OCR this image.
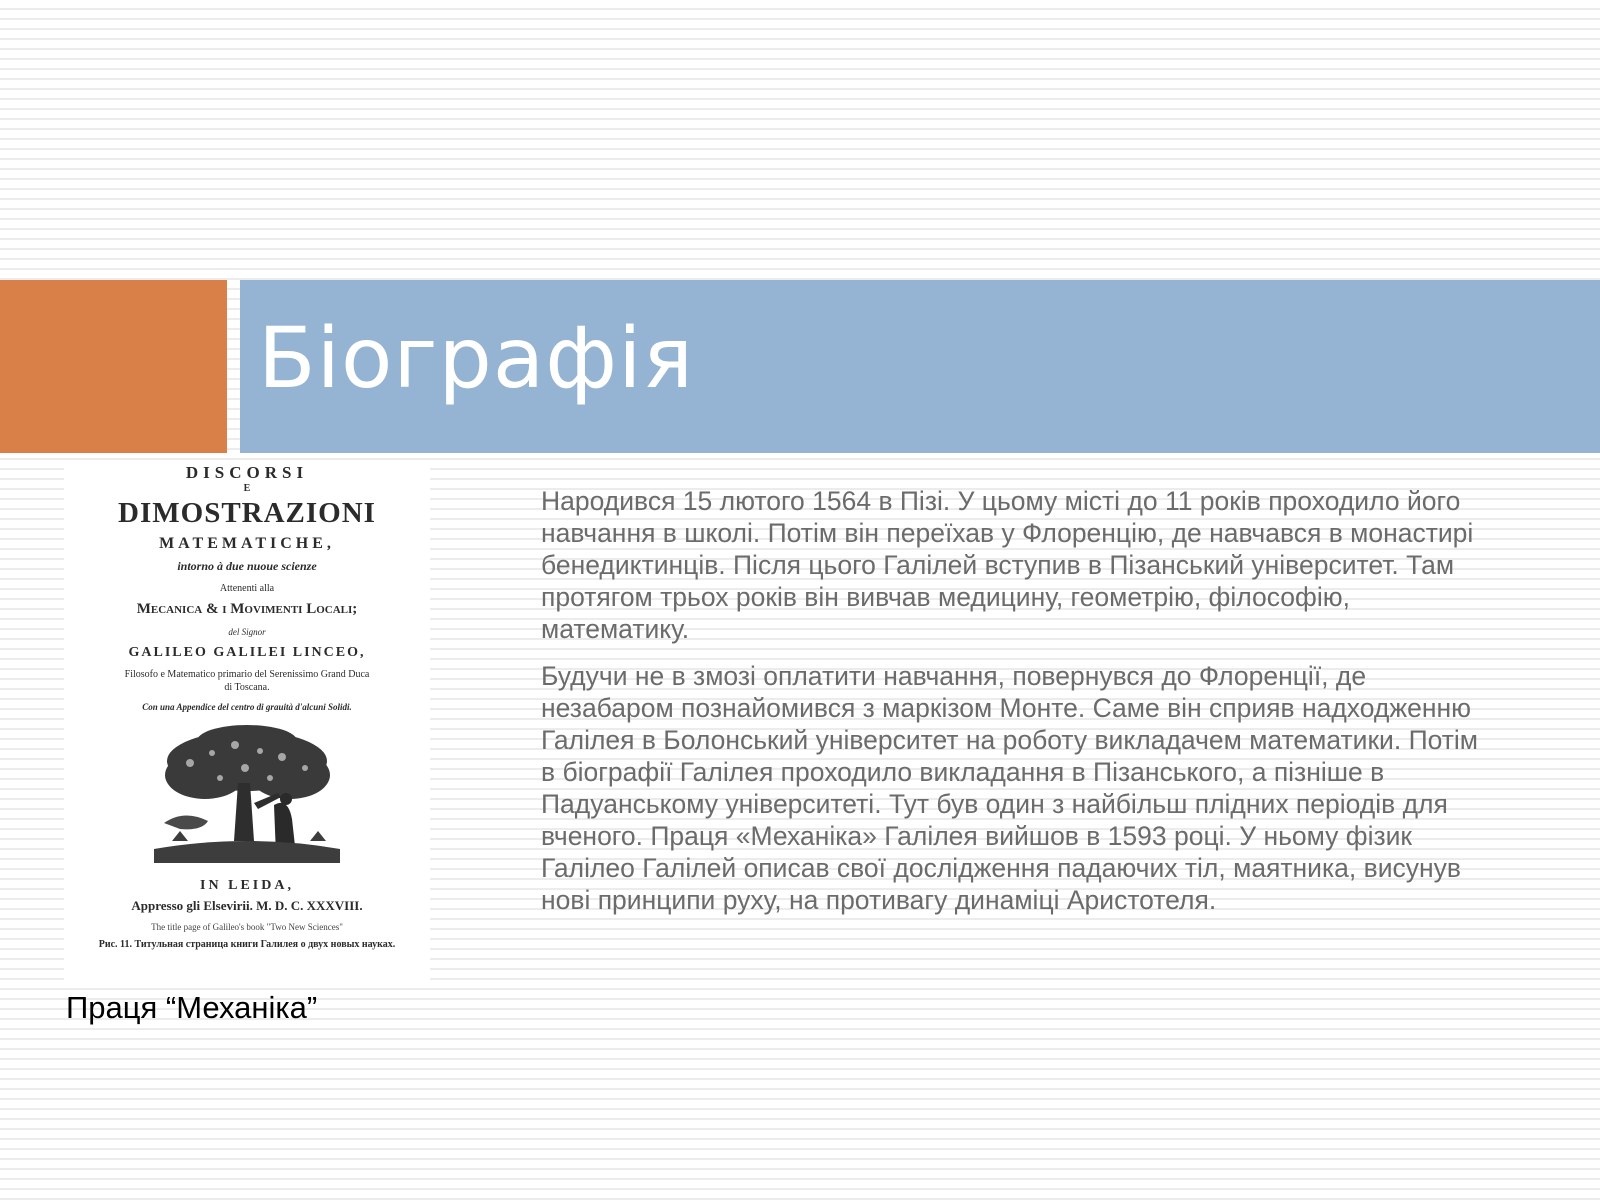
Біографія
DISCORSI
E
DIMOSTRAZIONI
MATEMATICHE,
intorno à due nuoue scienze
Attenenti alla
Mecanica & i Movimenti Locali;
del Signor
GALILEO GALILEI LINCEO,
Filosofo e Matematico primario del Serenissimo Grand Duca di Toscana.
Con una Appendice del centro di grauità d'alcuni Solidi.
IN LEIDA,
Appresso gli Elsevirii. M. D. C. XXXVIII.
The title page of Galileo's book "Two New Sciences"
Рис. 11. Титульная страница книги Галилея о двух новых науках.
Праця “Механіка”

Народився 15 лютого 1564 в Пізі. У цьому місті до 11 років проходило його навчання в школі. Потім він переїхав у Флоренцію, де навчався в монастирі бенедиктинців. Після цього Галілей вступив в Пізанський університет. Там протягом трьох років він вивчав медицину, геометрію, філософію, математику.

Будучи не в змозі оплатити навчання, повернувся до Флоренції, де незабаром познайомився з маркізом Монте. Саме він сприяв надходженню Галілея в Болонський університет на роботу викладачем математики. Потім в біографії Галілея проходило викладання в Пізанського, а пізніше в Падуанському університеті. Тут був один з найбільш плідних періодів для вченого. Праця «Механіка» Галілея вийшов в 1593 році. У ньому фізик Галілео Галілей описав свої дослідження падаючих тіл, маятника, висунув нові принципи руху, на противагу динаміці Аристотеля.
